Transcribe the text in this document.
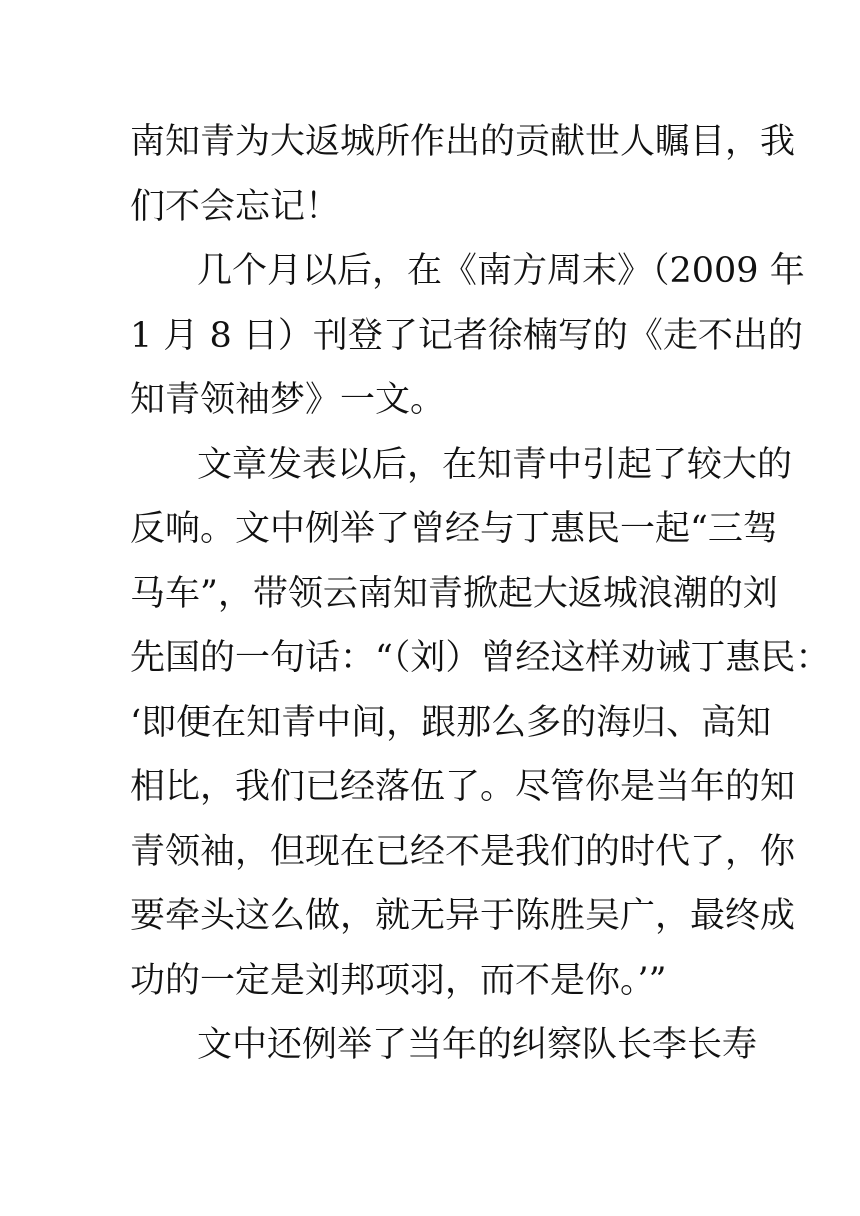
南知青为大返城所作出的贡献世人瞩目，我
们不会忘记！
几个月以后，在《南方周末》（2009 年
1 月 8 日）刊登了记者徐楠写的《走不出的
知青领袖梦》一文。
文章发表以后，在知青中引起了较大的
反响。文中例举了曾经与丁惠民一起“三驾
马车”，带领云南知青掀起大返城浪潮的刘
先国的一句话：“（刘）曾经这样劝诫丁惠民：
‘即便在知青中间，跟那么多的海归、高知
相比，我们已经落伍了。尽管你是当年的知
青领袖，但现在已经不是我们的时代了，你
要牵头这么做，就无异于陈胜吴广，最终成
功的一定是刘邦项羽，而不是你。’”
文中还例举了当年的纠察队长李长寿
